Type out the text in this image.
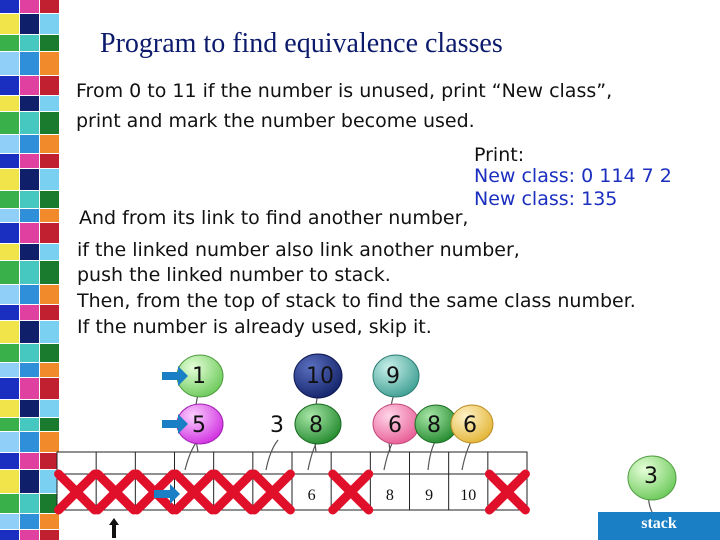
Program to find equivalence classes
From 0 to 11 if the number is unused, print “New class”,
print and mark the number become used.
Print:
New class: 0 114 7 2
New class: 135
And from its link to find another number,
if the linked number also link another number,
push the linked number to stack.
Then, from the top of stack to find the same class number.
If the number is already used, skip it.
1	10 9
5	3 8	6 8 6
6	8	9	10
3
stack
